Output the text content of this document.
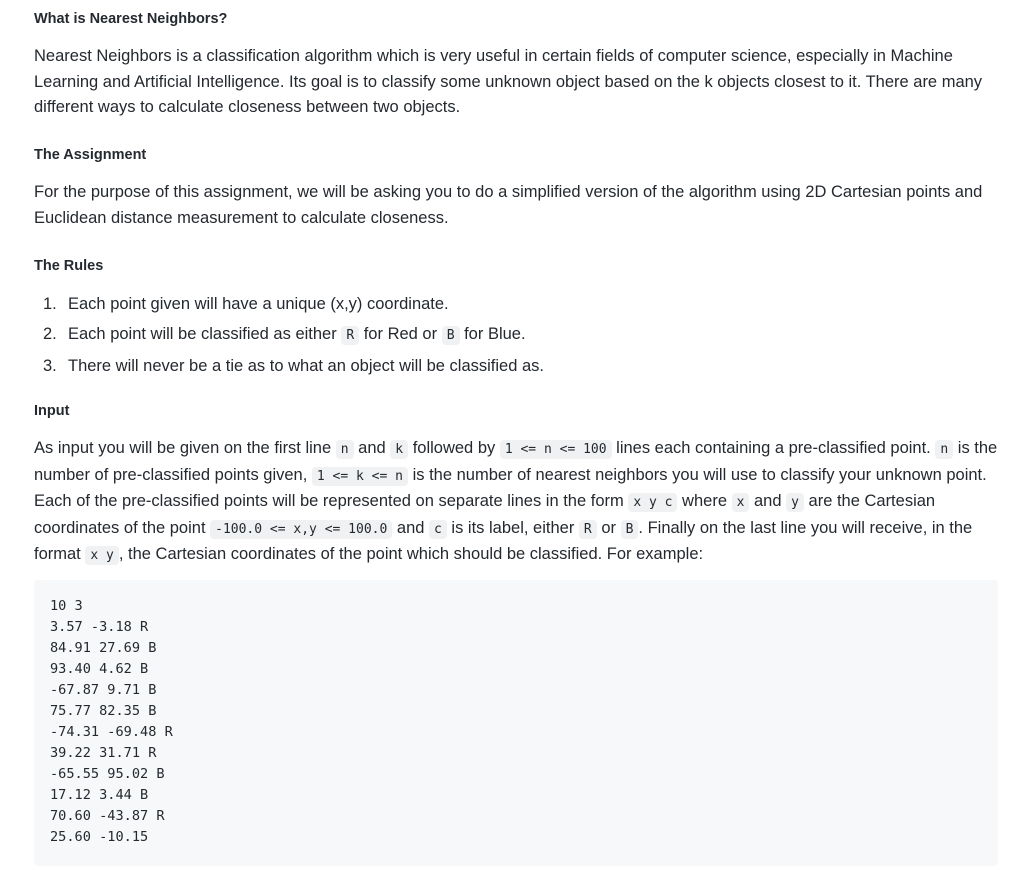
What is Nearest Neighbors?

Nearest Neighbors is a classification algorithm which is very useful in certain fields of computer science, especially in Machine Learning and Artificial Intelligence. Its goal is to classify some unknown object based on the k objects closest to it. There are many different ways to calculate closeness between two objects.

The Assignment

For the purpose of this assignment, we will be asking you to do a simplified version of the algorithm using 2D Cartesian points and Euclidean distance measurement to calculate closeness.

The Rules
1. Each point given will have a unique (x,y) coordinate.
2. Each point will be classified as either R for Red or B for Blue.
3. There will never be a tie as to what an object will be classified as.
Input

As input you will be given on the first line n and k followed by 1 <= n <= 100 lines each containing a pre-classified point. n is the number of pre-classified points given, 1 <= k <= n is the number of nearest neighbors you will use to classify your unknown point. Each of the pre-classified points will be represented on separate lines in the form x y c where x and y are the Cartesian coordinates of the point -100.0 <= x,y <= 100.0 and c is its label, either R or B . Finally on the last line you will receive, in the format x y , the Cartesian coordinates of the point which should be classified. For example:

10 3
3.57 -3.18 R
84.91 27.69 B
93.40 4.62 B
-67.87 9.71 B
75.77 82.35 B
-74.31 -69.48 R
39.22 31.71 R
-65.55 95.02 B
17.12 3.44 B
70.60 -43.87 R
25.60 -10.15
